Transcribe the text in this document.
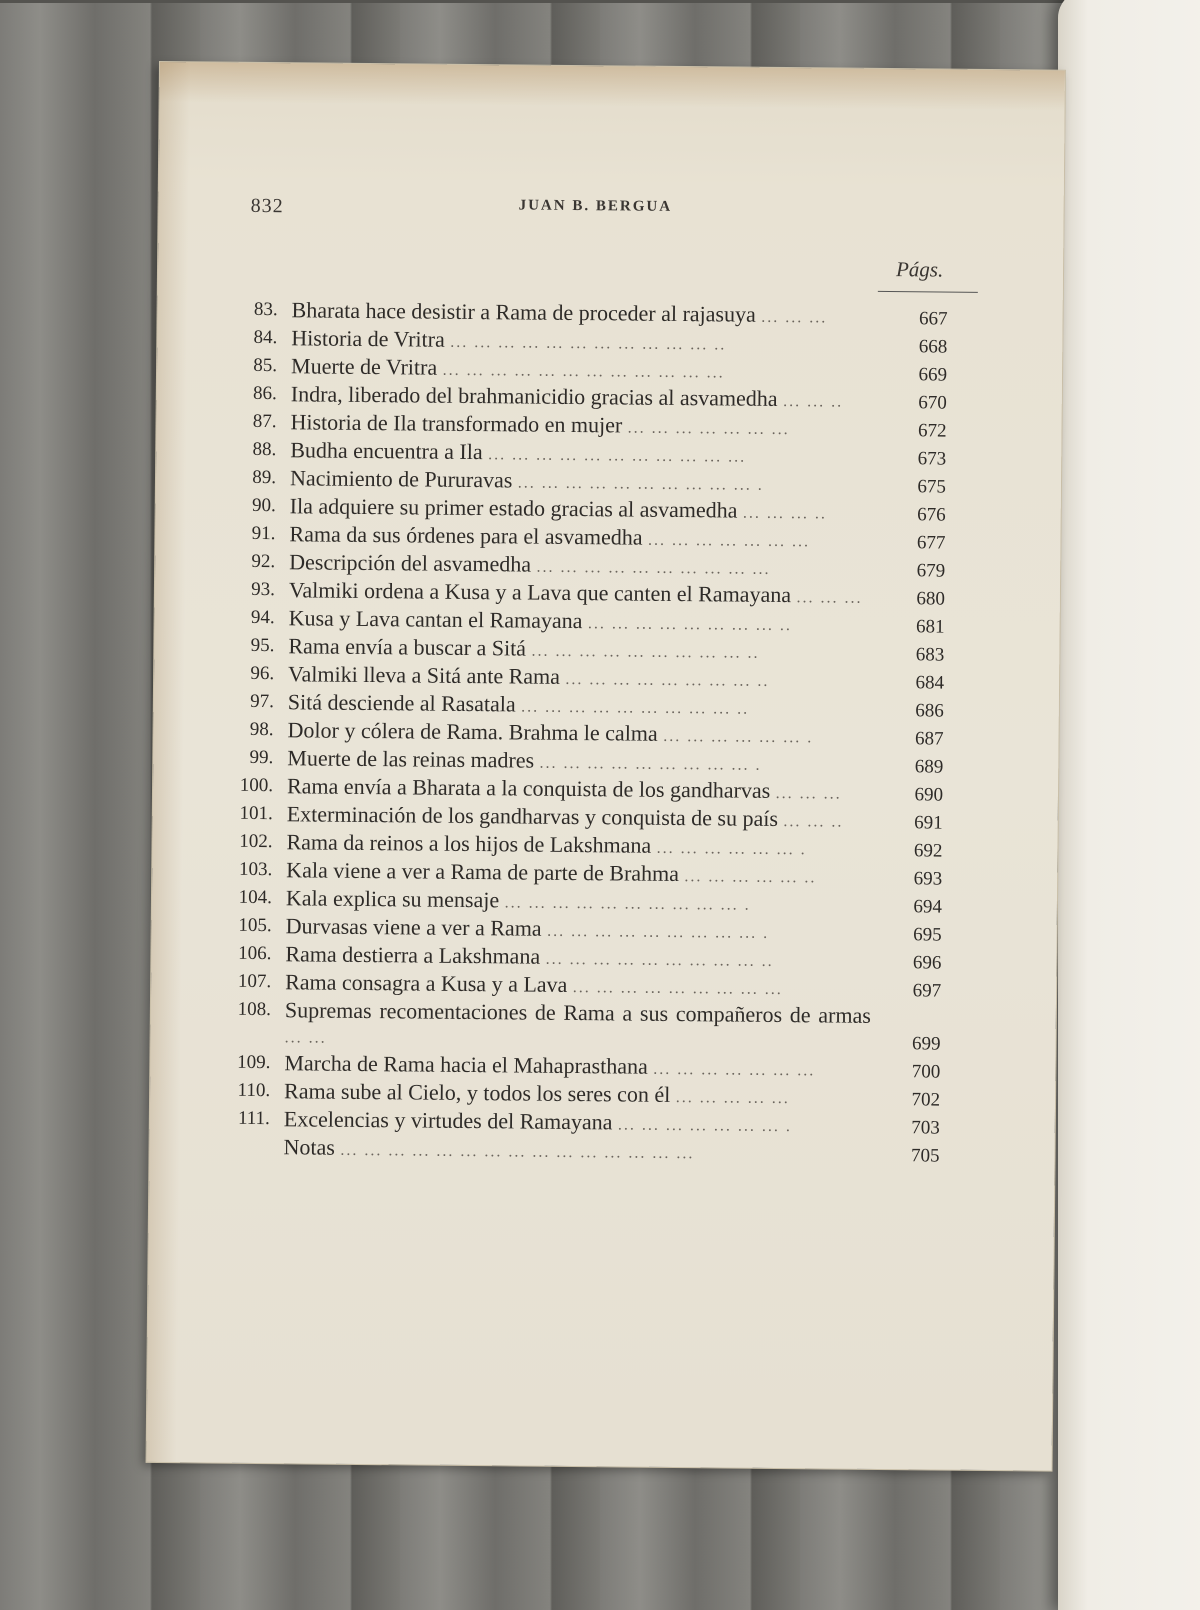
832	JUAN B. BERGUA
Págs.
83. Bharata hace desistir a Rama de proceder al rajasuya ... ... ...	667
84. Historia de Vritra ... ... ... ... ... ... ... ... ... ... ... ..	668
85. Muerte de Vritra ... ... ... ... ... ... ... ... ... ... ... ...	669
86. Indra, liberado del brahmanicidio gracias al asvamedha ... ... ..	670
87. Historia de Ila transformado en mujer ... ... ... ... ... ... ...	672
88. Budha encuentra a Ila ... ... ... ... ... ... ... ... ... ... ...	673
89. Nacimiento de Pururavas ... ... ... ... ... ... ... ... ... ... .	675
90. Ila adquiere su primer estado gracias al asvamedha ... ... ... ..	676
91. Rama da sus órdenes para el asvamedha ... ... ... ... ... ... ...	677
92. Descripción del asvamedha ... ... ... ... ... ... ... ... ... ...	679
93. Valmiki ordena a Kusa y a Lava que canten el Ramayana ... ... ...	680
94. Kusa y Lava cantan el Ramayana ... ... ... ... ... ... ... ... ..	681
95. Rama envía a buscar a Sitá ... ... ... ... ... ... ... ... ... ..	683
96. Valmiki lleva a Sitá ante Rama ... ... ... ... ... ... ... ... ..	684
97. Sitá desciende al Rasatala ... ... ... ... ... ... ... ... ... ..	686
98. Dolor y cólera de Rama. Brahma le calma ... ... ... ... ... ... .	687
99. Muerte de las reinas madres ... ... ... ... ... ... ... ... ... .	689
100. Rama envía a Bharata a la conquista de los gandharvas ... ... ...	690
101. Exterminación de los gandharvas y conquista de su país ... ... ..	691
102. Rama da reinos a los hijos de Lakshmana ... ... ... ... ... ... .	692
103. Kala viene a ver a Rama de parte de Brahma ... ... ... ... ... ..	693
104. Kala explica su mensaje ... ... ... ... ... ... ... ... ... ... .	694
105. Durvasas viene a ver a Rama ... ... ... ... ... ... ... ... ... .	695
106. Rama destierra a Lakshmana ... ... ... ... ... ... ... ... ... ..	696
107. Rama consagra a Kusa y a Lava ... ... ... ... ... ... ... ... ...	697
108. Supremas recomentaciones de Rama a sus compañeros de armas ... ...	699
109. Marcha de Rama hacia el Mahaprasthana ... ... ... ... ... ... ...	700
110. Rama sube al Cielo, y todos los seres con él ... ... ... ... ...	702
111. Excelencias y virtudes del Ramayana ... ... ... ... ... ... ... .	703
Notas ... ... ... ... ... ... ... ... ... ... ... ... ... ... ...	705
